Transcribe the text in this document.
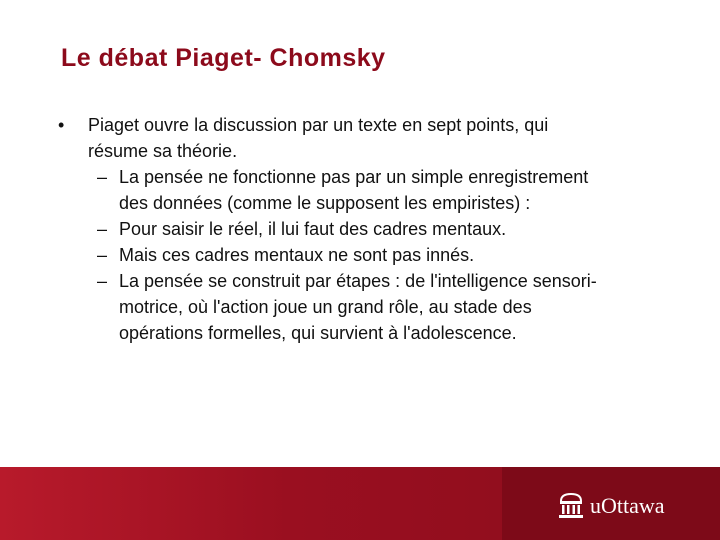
Le débat Piaget- Chomsky
• Piaget ouvre la discussion par un texte en sept points, qui
résume sa théorie.
– La pensée ne fonctionne pas par un simple enregistrement
des données (comme le supposent les empiristes) :
– Pour saisir le réel, il lui faut des cadres mentaux.
– Mais ces cadres mentaux ne sont pas innés.
– La pensée se construit par étapes : de l'intelligence sensori-
motrice, où l'action joue un grand rôle, au stade des
opérations formelles, qui survient à l'adolescence.
uOttawa
